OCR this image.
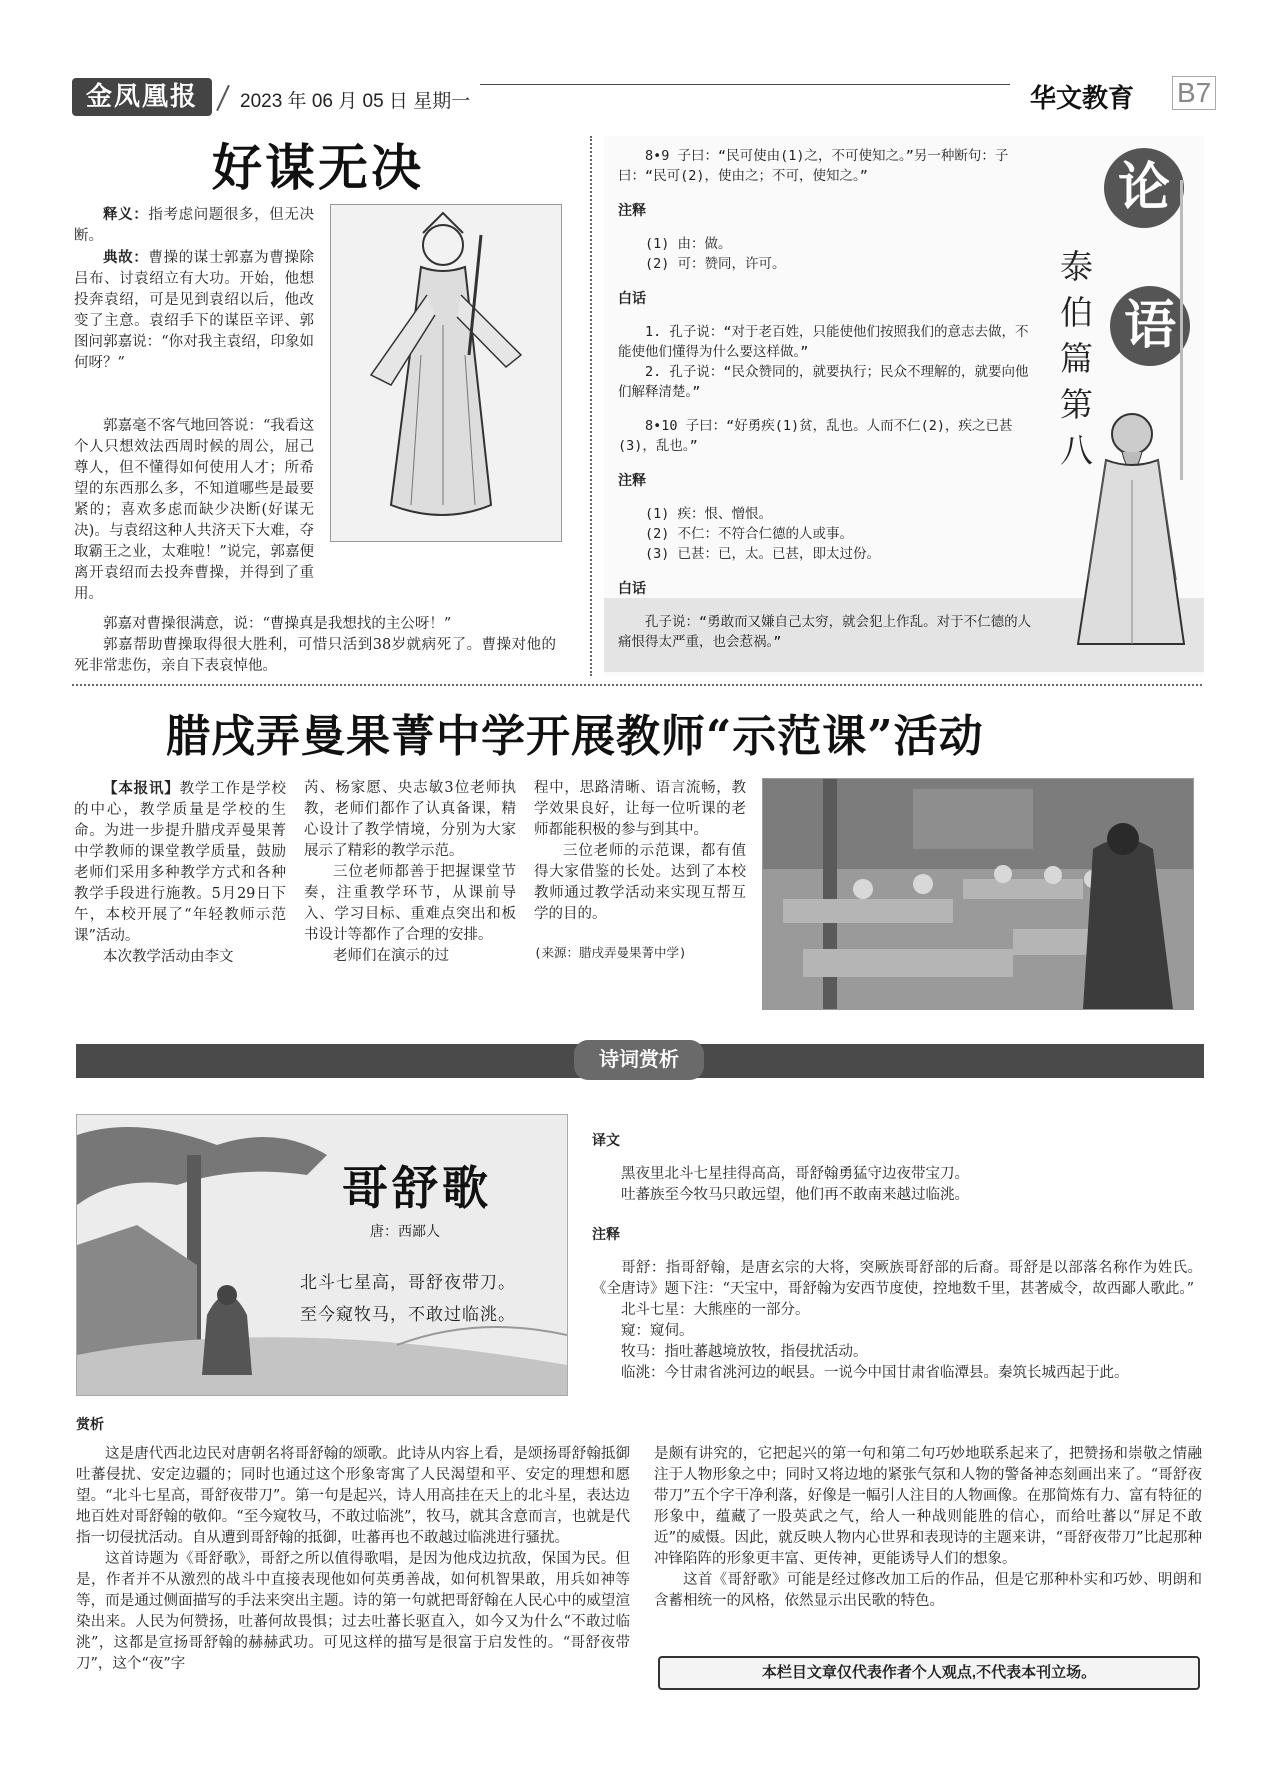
金凤凰报	2023 年 06 月 05 日 星期一	华文教育 B7
好谋无决

释义：指考虑问题很多，但无决断。

典故：曹操的谋士郭嘉为曹操除吕布、讨袁绍立有大功。开始，他想投奔袁绍，可是见到袁绍以后，他改变了主意。袁绍手下的谋臣辛评、郭图问郭嘉说：“你对我主袁绍，印象如何呀？”

郭嘉毫不客气地回答说：“我看这个人只想效法西周时候的周公，屈己尊人，但不懂得如何使用人才；所希望的东西那么多，不知道哪些是最要紧的；喜欢多虑而缺少决断(好谋无决)。与袁绍这种人共济天下大难，夺取霸王之业，太难啦！”说完，郭嘉便离开袁绍而去投奔曹操，并得到了重用。

郭嘉对曹操很满意，说：“曹操真是我想找的主公呀！”

郭嘉帮助曹操取得很大胜利，可惜只活到38岁就病死了。曹操对他的死非常悲伤，亲自下表哀悼他。

8•9 子曰：“民可使由(1)之，不可使知之。”另一种断句：子曰：“民可(2)，使由之；不可，使知之。”

注释

(1) 由：做。

(2) 可：赞同，许可。

白话

1. 孔子说：“对于老百姓，只能使他们按照我们的意志去做，不能使他们懂得为什么要这样做。”

2. 孔子说：“民众赞同的，就要执行；民众不理解的，就要向他们解释清楚。”

8•10 子曰：“好勇疾(1)贫，乱也。人而不仁(2)，疾之已甚(3)，乱也。”

注释

(1) 疾：恨、憎恨。

(2) 不仁：不符合仁德的人或事。

(3) 已甚：已，太。已甚，即太过份。

白话

孔子说：“勇敢而又嫌自己太穷，就会犯上作乱。对于不仁德的人痛恨得太严重，也会惹祸。”

论
语
泰伯篇第八
腊戌弄曼果菁中学开展教师“示范课”活动

【本报讯】教学工作是学校的中心，教学质量是学校的生命。为进一步提升腊戌弄曼果菁中学教师的课堂教学质量，鼓励老师们采用多种教学方式和各种教学手段进行施教。5月29日下午，本校开展了“年轻教师示范课”活动。

本次教学活动由李文

芮、杨家愿、央志敏3位老师执教，老师们都作了认真备课，精心设计了教学情境，分别为大家展示了精彩的教学示范。

三位老师都善于把握课堂节奏，注重教学环节，从课前导入、学习目标、重难点突出和板书设计等都作了合理的安排。

老师们在演示的过

程中，思路清晰、语言流畅，教学效果良好，让每一位听课的老师都能积极的参与到其中。

三位老师的示范课，都有值得大家借鉴的长处。达到了本校教师通过教学活动来实现互帮互学的目的。

(来源：腊戌弄曼果菁中学)

诗词赏析
哥舒歌
唐：西鄙人
北斗七星高，哥舒夜带刀。
至今窥牧马，不敢过临洮。

译文

黑夜里北斗七星挂得高高，哥舒翰勇猛守边夜带宝刀。

吐蕃族至今牧马只敢远望，他们再不敢南来越过临洮。

注释

哥舒：指哥舒翰，是唐玄宗的大将，突厥族哥舒部的后裔。哥舒是以部落名称作为姓氏。《全唐诗》题下注：“天宝中，哥舒翰为安西节度使，控地数千里，甚著威令，故西鄙人歌此。”

北斗七星：大熊座的一部分。

窥：窥伺。

牧马：指吐蕃越境放牧，指侵扰活动。

临洮：今甘肃省洮河边的岷县。一说今中国甘肃省临潭县。秦筑长城西起于此。

赏析

这是唐代西北边民对唐朝名将哥舒翰的颂歌。此诗从内容上看，是颂扬哥舒翰抵御吐蕃侵扰、安定边疆的；同时也通过这个形象寄寓了人民渴望和平、安定的理想和愿望。“北斗七星高，哥舒夜带刀”。第一句是起兴，诗人用高挂在天上的北斗星，表达边地百姓对哥舒翰的敬仰。“至今窥牧马，不敢过临洮”，牧马，就其含意而言，也就是代指一切侵扰活动。自从遭到哥舒翰的抵御，吐蕃再也不敢越过临洮进行骚扰。

这首诗题为《哥舒歌》，哥舒之所以值得歌唱，是因为他戍边抗敌，保国为民。但是，作者并不从激烈的战斗中直接表现他如何英勇善战，如何机智果敢，用兵如神等等，而是通过侧面描写的手法来突出主题。诗的第一句就把哥舒翰在人民心中的威望渲染出来。人民为何赞扬，吐蕃何故畏惧；过去吐蕃长驱直入，如今又为什么“不敢过临洮”，这都是宣扬哥舒翰的赫赫武功。可见这样的描写是很富于启发性的。“哥舒夜带刀”，这个“夜”字

是颇有讲究的，它把起兴的第一句和第二句巧妙地联系起来了，把赞扬和崇敬之情融注于人物形象之中；同时又将边地的紧张气氛和人物的警备神态刻画出来了。“哥舒夜带刀”五个字干净利落，好像是一幅引人注目的人物画像。在那简炼有力、富有特征的形象中，蕴藏了一股英武之气，给人一种战则能胜的信心，而给吐蕃以“屏足不敢近”的威慑。因此，就反映人物内心世界和表现诗的主题来讲，“哥舒夜带刀”比起那种冲锋陷阵的形象更丰富、更传神，更能诱导人们的想象。

这首《哥舒歌》可能是经过修改加工后的作品，但是它那种朴实和巧妙、明朗和含蓄相统一的风格，依然显示出民歌的特色。

本栏目文章仅代表作者个人观点,不代表本刊立场。
